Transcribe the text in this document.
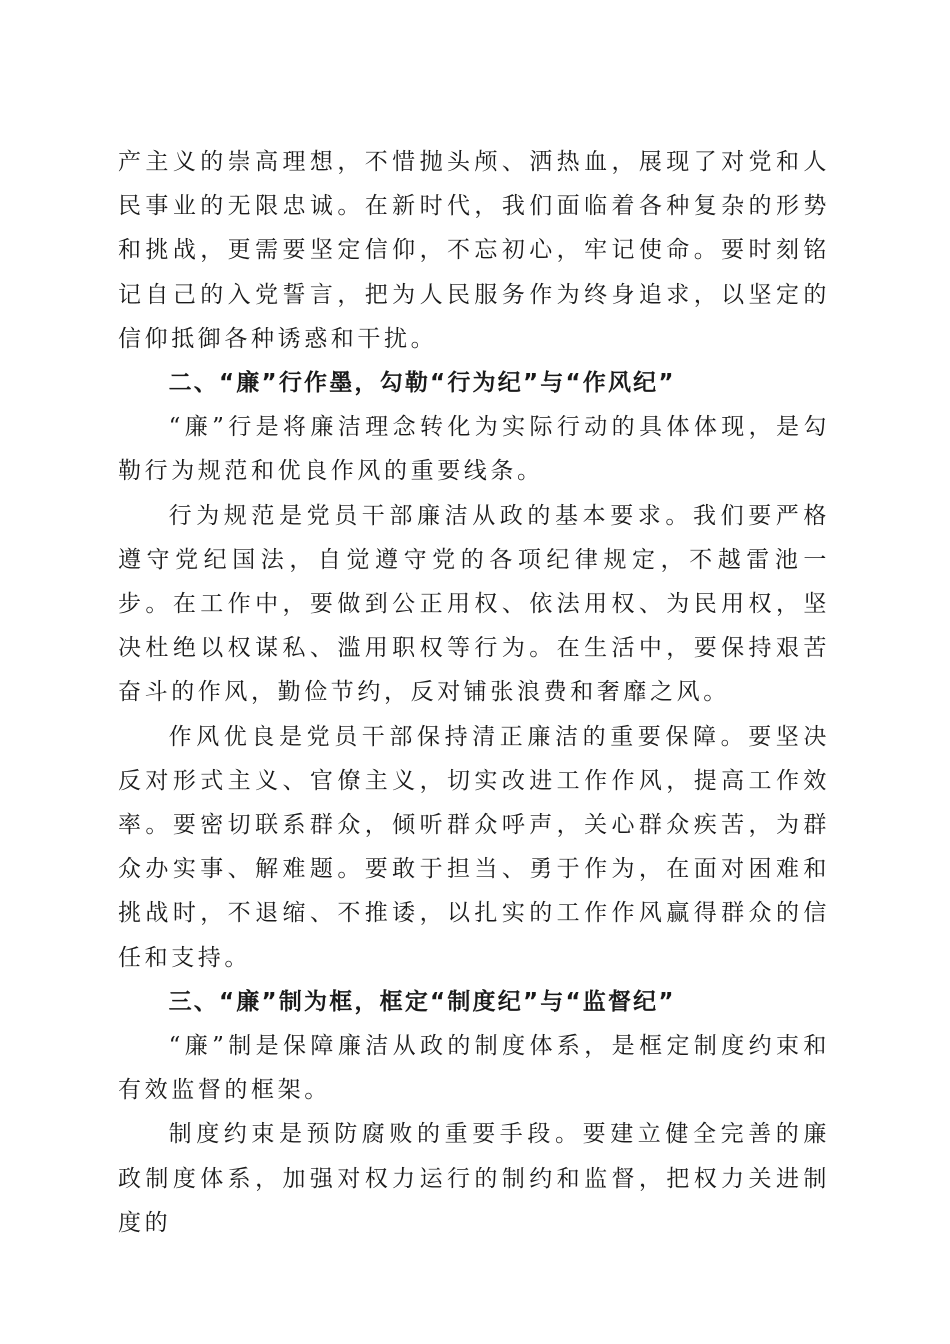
产主义的崇高理想，不惜抛头颅、洒热血，展现了对党和人民事业的无限忠诚。在新时代，我们面临着各种复杂的形势和挑战，更需要坚定信仰，不忘初心，牢记使命。要时刻铭记自己的入党誓言，把为人民服务作为终身追求，以坚定的信仰抵御各种诱惑和干扰。

二、“廉”行作墨，勾勒“行为纪”与“作风纪”

“廉”行是将廉洁理念转化为实际行动的具体体现，是勾勒行为规范和优良作风的重要线条。

行为规范是党员干部廉洁从政的基本要求。我们要严格遵守党纪国法，自觉遵守党的各项纪律规定，不越雷池一步。在工作中，要做到公正用权、依法用权、为民用权，坚决杜绝以权谋私、滥用职权等行为。在生活中，要保持艰苦奋斗的作风，勤俭节约，反对铺张浪费和奢靡之风。

作风优良是党员干部保持清正廉洁的重要保障。要坚决反对形式主义、官僚主义，切实改进工作作风，提高工作效率。要密切联系群众，倾听群众呼声，关心群众疾苦，为群众办实事、解难题。要敢于担当、勇于作为，在面对困难和挑战时，不退缩、不推诿，以扎实的工作作风赢得群众的信任和支持。

三、“廉”制为框，框定“制度纪”与“监督纪”

“廉”制是保障廉洁从政的制度体系，是框定制度约束和有效监督的框架。

制度约束是预防腐败的重要手段。要建立健全完善的廉政制度体系，加强对权力运行的制约和监督，把权力关进制度的
